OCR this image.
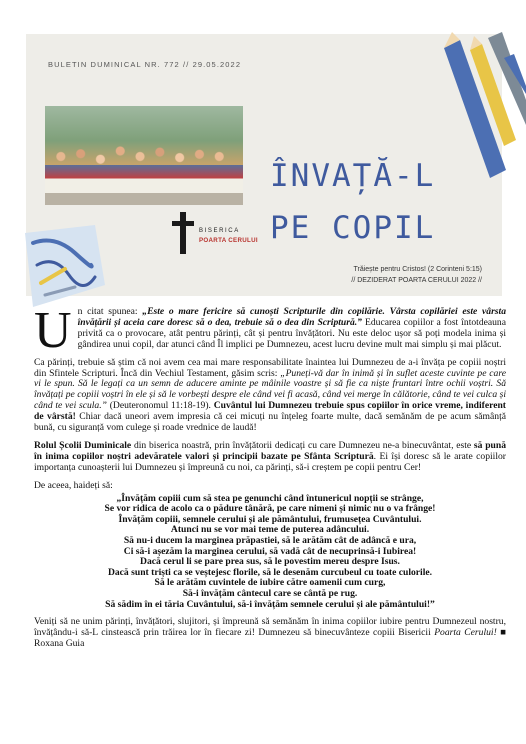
BULETIN DUMINICAL NR. 772 // 29.05.2022
BISERICA
POARTA CERULUI
ÎNVAȚĂ-L
PE COPIL
Trăiește pentru Cristos! (2 Corinteni 5:15)
// DEZIDERAT POARTA CERULUI 2022 //

Un citat spunea: „Este o mare fericire să cunoști Scripturile din copilărie. Vârsta copilăriei este vârsta învățării și aceia care doresc să o dea, trebuie să o dea din Scriptură.” Educarea copiilor a fost întotdeauna privită ca o provocare, atât pentru părinți, cât și pentru învățători. Nu este deloc ușor să poți modela inima și gândirea unui copil, dar atunci când Îl implici pe Dumnezeu, acest lucru devine mult mai simplu și mai plăcut.

Ca părinți, trebuie să știm că noi avem cea mai mare responsabilitate înaintea lui Dumnezeu de a-i învăța pe copiii noștri din Sfintele Scripturi. Încă din Vechiul Testament, găsim scris: „Puneți-vă dar în inimă și în suflet aceste cuvinte pe care vi le spun. Să le legați ca un semn de aducere aminte pe mâinile voastre și să fie ca niște fruntari între ochii voștri. Să învățați pe copiii voștri în ele și să le vorbești despre ele când vei fi acasă, când vei merge în călătorie, când te vei culca și când te vei scula.” (Deuteronomul 11:18-19). Cuvântul lui Dumnezeu trebuie spus copiilor în orice vreme, indiferent de vârstă! Chiar dacă uneori avem impresia că cei micuți nu înțeleg foarte multe, dacă semănăm de pe acum sămânță bună, cu siguranță vom culege și roade vrednice de laudă!

Rolul Școlii Duminicale din biserica noastră, prin învățătorii dedicați cu care Dumnezeu ne-a binecuvântat, este să pună în inima copiilor noștri adevăratele valori și principii bazate pe Sfânta Scriptură. Ei își doresc să le arate copiilor importanța cunoașterii lui Dumnezeu și împreună cu noi, ca părinți, să-i creștem pe copii pentru Cer!

De aceea, haideți să:

„Învățăm copiii cum să stea pe genunchi când întunericul nopții se strânge,
Se vor ridica de acolo ca o pădure tânără, pe care nimeni și nimic nu o va frânge!
Învățăm copiii, semnele cerului și ale pământului, frumusețea Cuvântului.
Atunci nu se vor mai teme de puterea adâncului.
Să nu-i ducem la marginea prăpastiei, să le arătăm cât de adâncă e ura,
Ci să-i așezăm la marginea cerului, să vadă cât de necuprinsă-i Iubirea!
Dacă cerul li se pare prea sus, să le povestim mereu despre Isus.
Dacă sunt triști ca se veștejesc florile, să le desenăm curcubeul cu toate culorile.
Să le arătăm cuvintele de iubire către oamenii cum curg,
Să-i învățăm cântecul care se cântă pe rug.
Să sădim în ei tăria Cuvântului, să-i învățăm semnele cerului și ale pământului!”

Veniți să ne unim părinți, învățători, slujitori, și împreună să semănăm în inima copiilor iubire pentru Dumnezeul nostru, învățându-i să-L cinstească prin trăirea lor în fiecare zi! Dumnezeu să binecuvânteze copiii Bisericii Poarta Cerului! ■ Roxana Guia
